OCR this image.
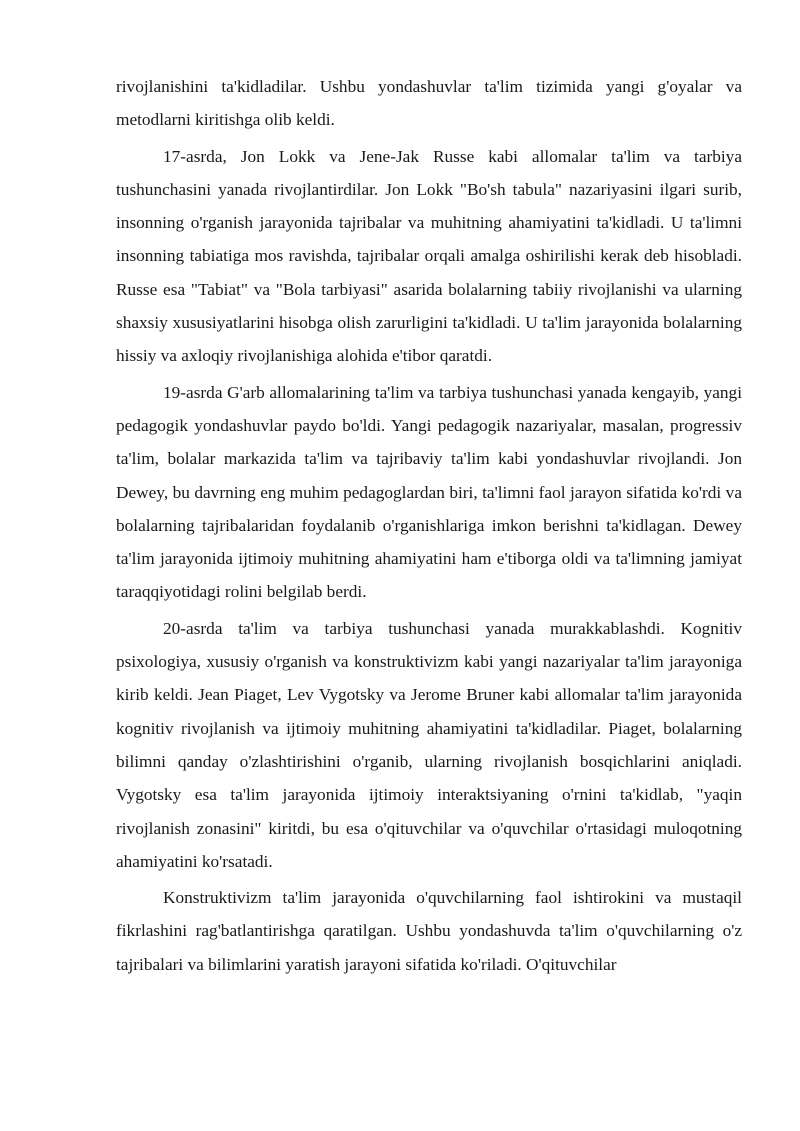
rivojlanishini ta'kidladilar. Ushbu yondashuvlar ta'lim tizimida yangi g'oyalar va metodlarni kiritishga olib keldi.

17-asrda, Jon Lokk va Jene-Jak Russe kabi allomalar ta'lim va tarbiya tushunchasini yanada rivojlantirdilar. Jon Lokk "Bo'sh tabula" nazariyasini ilgari surib, insonning o'rganish jarayonida tajribalar va muhitning ahamiyatini ta'kidladi. U ta'limni insonning tabiatiga mos ravishda, tajribalar orqali amalga oshirilishi kerak deb hisobladi. Russe esa "Tabiat" va "Bola tarbiyasi" asarida bolalarning tabiiy rivojlanishi va ularning shaxsiy xususiyatlarini hisobga olish zarurligini ta'kidladi. U ta'lim jarayonida bolalarning hissiy va axloqiy rivojlanishiga alohida e'tibor qaratdi.

19-asrda G'arb allomalarining ta'lim va tarbiya tushunchasi yanada kengayib, yangi pedagogik yondashuvlar paydo bo'ldi. Yangi pedagogik nazariyalar, masalan, progressiv ta'lim, bolalar markazida ta'lim va tajribaviy ta'lim kabi yondashuvlar rivojlandi. Jon Dewey, bu davrning eng muhim pedagoglardan biri, ta'limni faol jarayon sifatida ko'rdi va bolalarning tajribalaridan foydalanib o'rganishlariga imkon berishni ta'kidlagan. Dewey ta'lim jarayonida ijtimoiy muhitning ahamiyatini ham e'tiborga oldi va ta'limning jamiyat taraqqiyotidagi rolini belgilab berdi.

20-asrda ta'lim va tarbiya tushunchasi yanada murakkablashdi. Kognitiv psixologiya, xususiy o'rganish va konstruktivizm kabi yangi nazariyalar ta'lim jarayoniga kirib keldi. Jean Piaget, Lev Vygotsky va Jerome Bruner kabi allomalar ta'lim jarayonida kognitiv rivojlanish va ijtimoiy muhitning ahamiyatini ta'kidladilar. Piaget, bolalarning bilimni qanday o'zlashtirishini o'rganib, ularning rivojlanish bosqichlarini aniqladi. Vygotsky esa ta'lim jarayonida ijtimoiy interaktsiyaning o'rnini ta'kidlab, "yaqin rivojlanish zonasini" kiritdi, bu esa o'qituvchilar va o'quvchilar o'rtasidagi muloqotning ahamiyatini ko'rsatadi.

Konstruktivizm ta'lim jarayonida o'quvchilarning faol ishtirokini va mustaqil fikrlashini rag'batlantirishga qaratilgan. Ushbu yondashuvda ta'lim o'quvchilarning o'z tajribalari va bilimlarini yaratish jarayoni sifatida ko'riladi. O'qituvchilar
